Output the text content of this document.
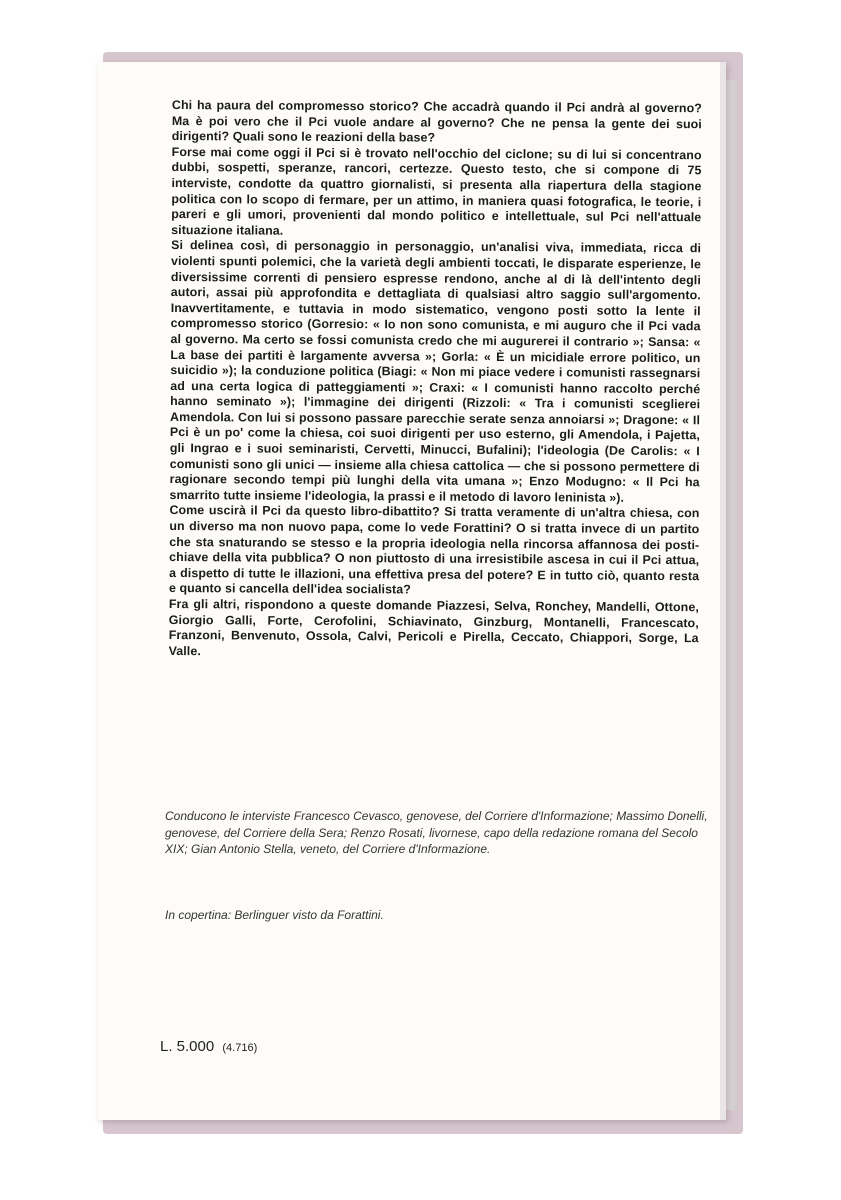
Chi ha paura del compromesso storico? Che accadrà quando il Pci andrà al governo? Ma è poi vero che il Pci vuole andare al governo? Che ne pensa la gente dei suoi dirigenti? Quali sono le reazioni della base?

Forse mai come oggi il Pci si è trovato nell'occhio del ciclone; su di lui si concentrano dubbi, sospetti, speranze, rancori, certezze. Questo testo, che si compone di 75 interviste, condotte da quattro giornalisti, si presenta alla riapertura della stagione politica con lo scopo di fermare, per un attimo, in maniera quasi fotografica, le teorie, i pareri e gli umori, provenienti dal mondo politico e intellettuale, sul Pci nell'attuale situazione italiana.

Si delinea così, di personaggio in personaggio, un'analisi viva, immediata, ricca di violenti spunti polemici, che la varietà degli ambienti toccati, le disparate esperienze, le diversissime correnti di pensiero espresse rendono, anche al di là dell'intento degli autori, assai più approfondita e dettagliata di qualsiasi altro saggio sull'argomento. Inavvertitamente, e tuttavia in modo sistematico, vengono posti sotto la lente il compromesso storico (Gorresio: « Io non sono comunista, e mi auguro che il Pci vada al governo. Ma certo se fossi comunista credo che mi augurerei il contrario »; Sansa: « La base dei partiti è largamente avversa »; Gorla: « È un micidiale errore politico, un suicidio »); la conduzione politica (Biagi: « Non mi piace vedere i comunisti rassegnarsi ad una certa logica di patteggiamenti »; Craxi: « I comunisti hanno raccolto perché hanno seminato »); l'immagine dei dirigenti (Rizzoli: « Tra i comunisti sceglierei Amendola. Con lui si possono passare parecchie serate senza annoiarsi »; Dragone: « Il Pci è un po' come la chiesa, coi suoi dirigenti per uso esterno, gli Amendola, i Pajetta, gli Ingrao e i suoi seminaristi, Cervetti, Minucci, Bufalini); l'ideologia (De Carolis: « I comunisti sono gli unici — insieme alla chiesa cattolica — che si possono permettere di ragionare secondo tempi più lunghi della vita umana »; Enzo Modugno: « Il Pci ha smarrito tutte insieme l'ideologia, la prassi e il metodo di lavoro leninista »).

Come uscirà il Pci da questo libro-dibattito? Si tratta veramente di un'altra chiesa, con un diverso ma non nuovo papa, come lo vede Forattini? O si tratta invece di un partito che sta snaturando se stesso e la propria ideologia nella rincorsa affannosa dei posti-chiave della vita pubblica? O non piuttosto di una irresistibile ascesa in cui il Pci attua, a dispetto di tutte le illazioni, una effettiva presa del potere? E in tutto ciò, quanto resta e quanto si cancella dell'idea socialista?

Fra gli altri, rispondono a queste domande Piazzesi, Selva, Ronchey, Mandelli, Ottone, Giorgio Galli, Forte, Cerofolini, Schiavinato, Ginzburg, Montanelli, Francescato, Franzoni, Benvenuto, Ossola, Calvi, Pericoli e Pirella, Ceccato, Chiappori, Sorge, La Valle.

Conducono le interviste Francesco Cevasco, genovese, del Corriere d'Informazione; Massimo Donelli, genovese, del Corriere della Sera; Renzo Rosati, livornese, capo della redazione romana del Secolo XIX; Gian Antonio Stella, veneto, del Corriere d'Informazione.

In copertina: Berlinguer visto da Forattini.

L. 5.000 (4.716)
